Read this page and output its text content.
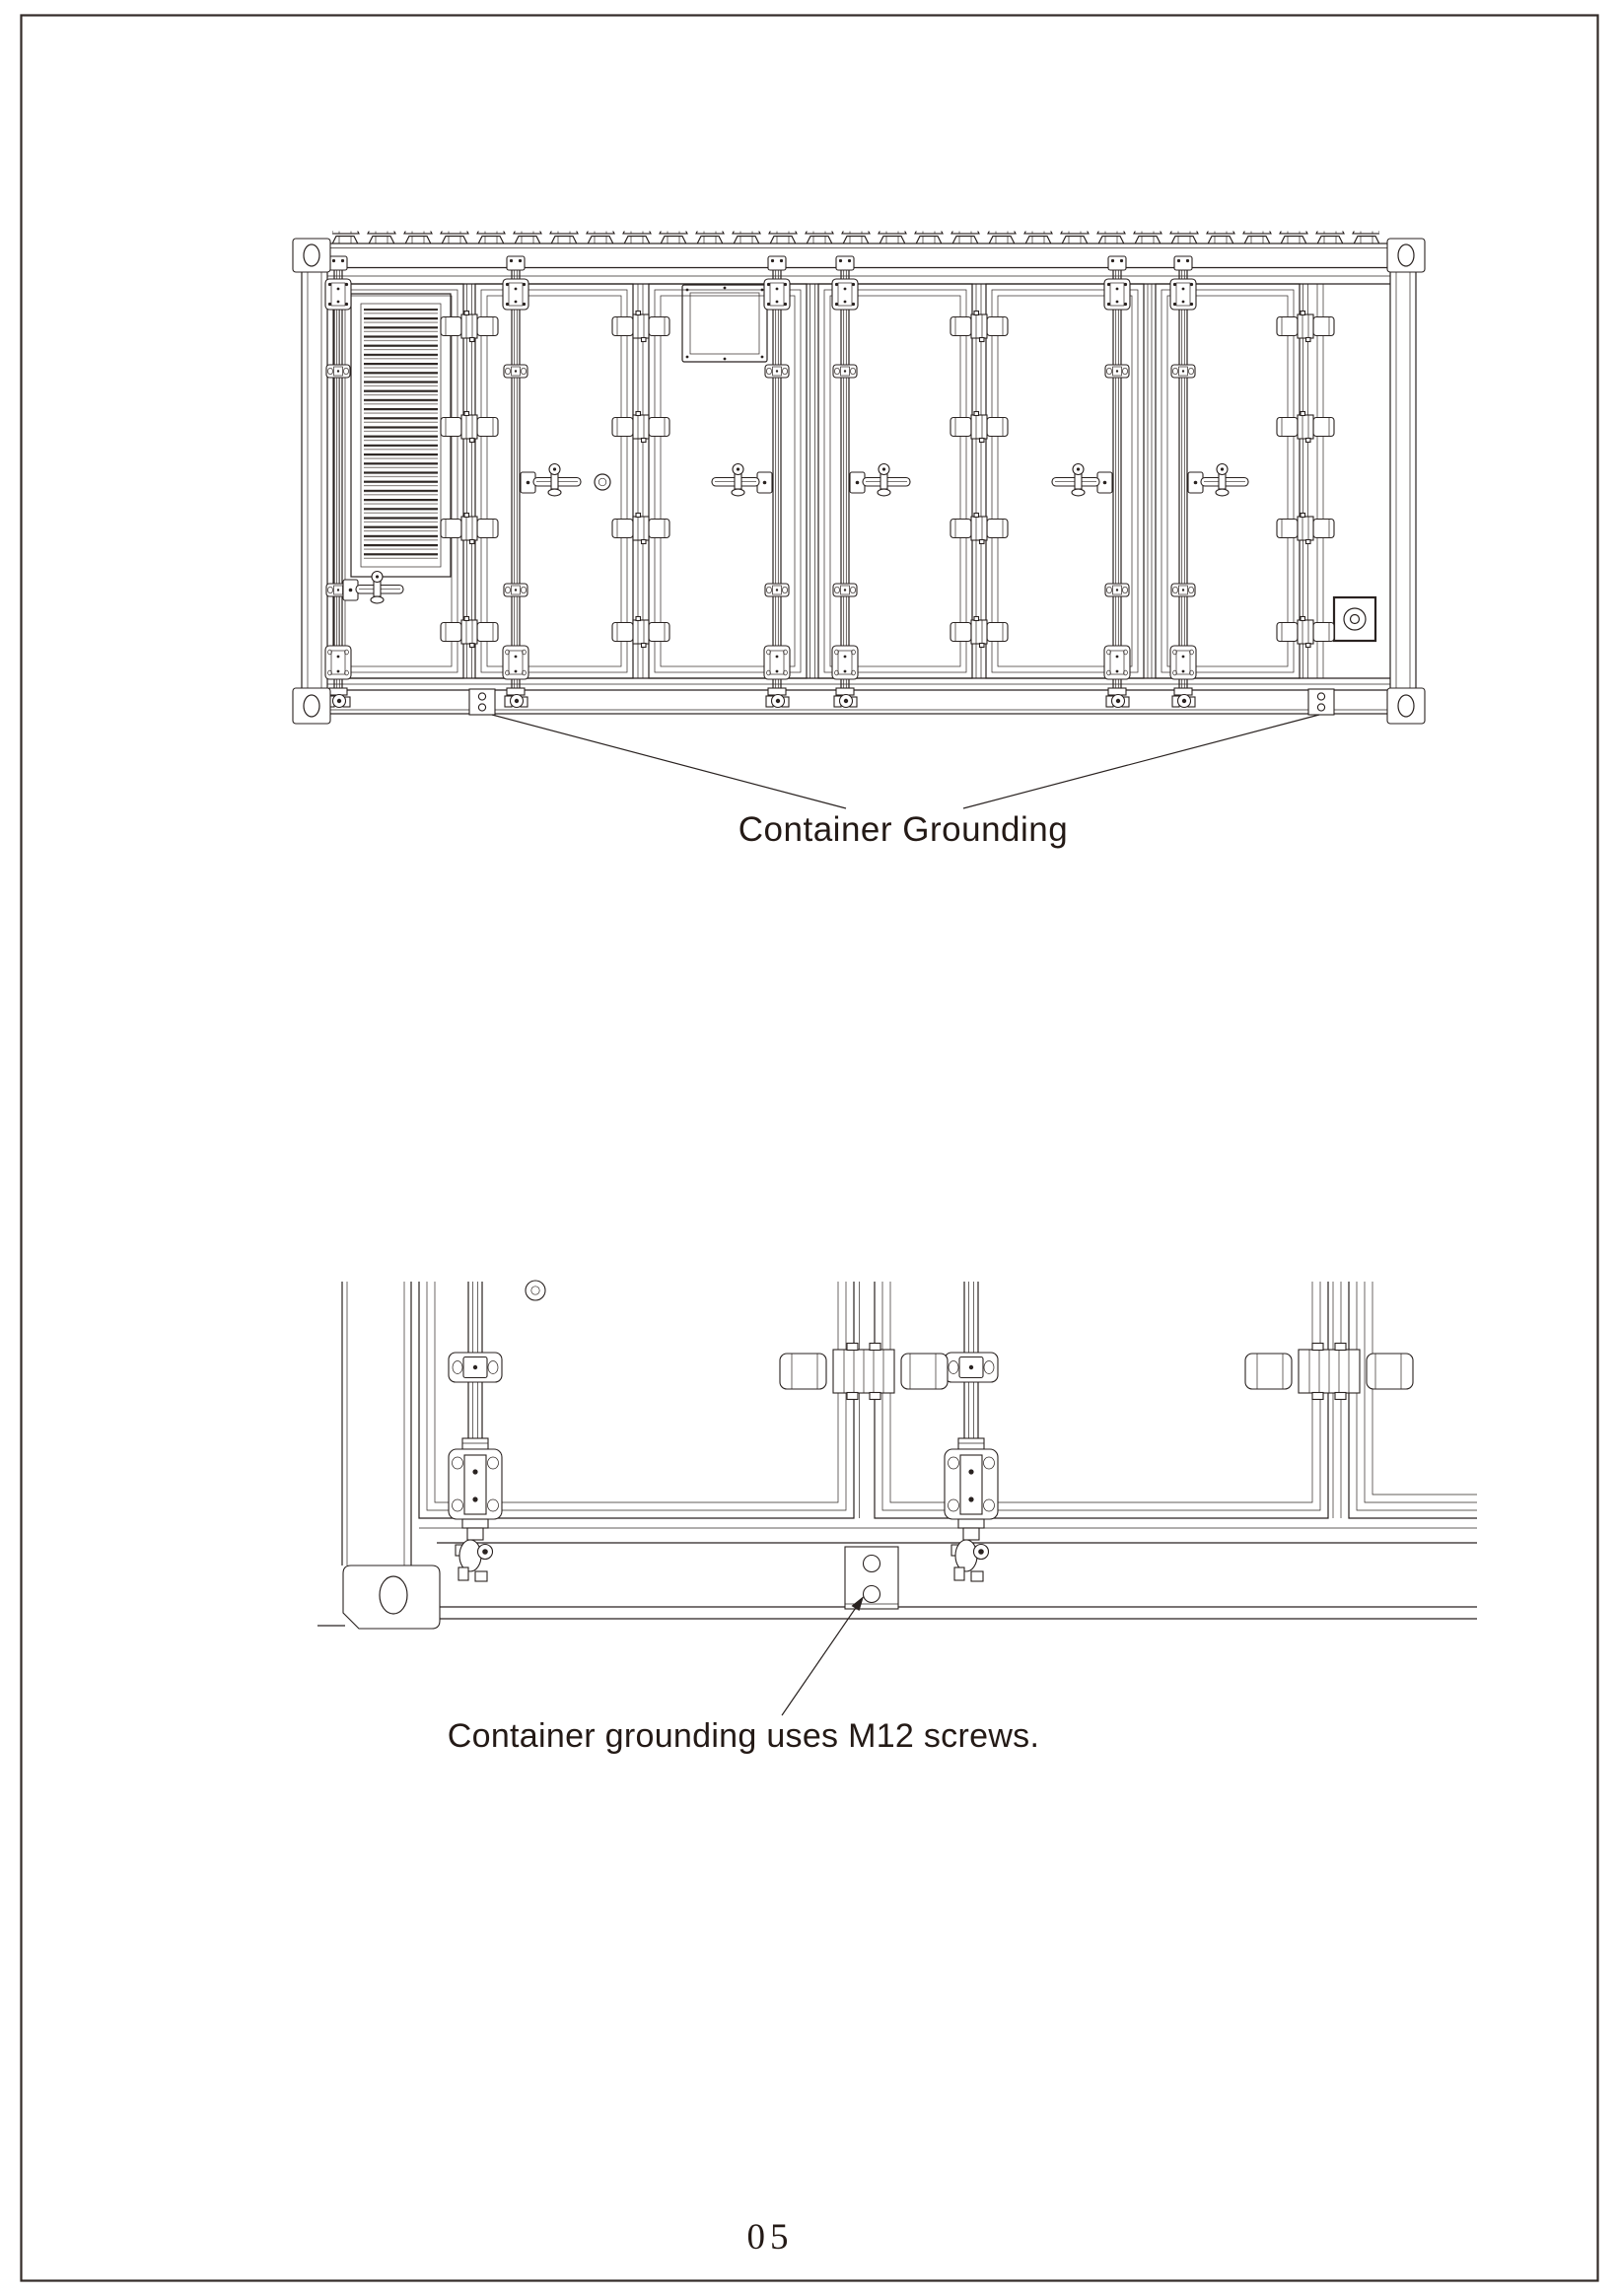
Container Grounding
Container grounding uses M12 screws.
05
